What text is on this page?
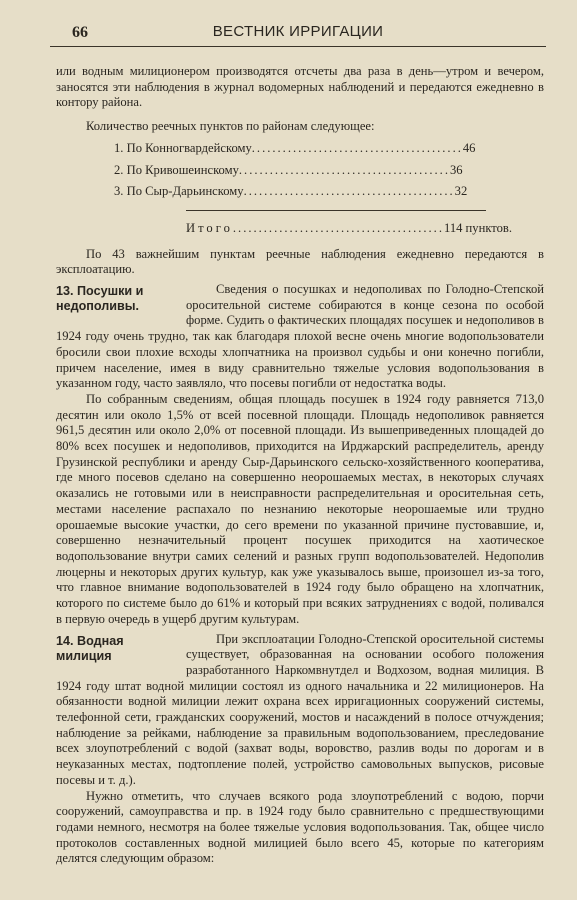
66	ВЕСТНИК ИРРИГАЦИИ

или водным милиционером производятся отсчеты два раза в день—утром и вечером, заносятся эти наблюдения в журнал водомерных наблюдений и передаются ежедневно в контору района.

Количество реечных пунктов по районам следующее:

1. По Конногвардейскому ......................................... 46
2. По Кривошеинскому ......................................... 36
3. По Сыр-Дарьинскому ......................................... 32
Итого ......................................... 114 пунктов.

По 43 важнейшим пунктам реечные наблюдения ежедневно передаются в эксплоатацию.

13. Посушки и недополивы.

Сведения о посушках и недополивах по Голодно-Степской оросительной системе собираются в конце сезона по особой форме. Судить о фактических площадях посушек и недополивов в 1924 году очень трудно, так как благодаря плохой весне очень многие водопользователи бросили свои плохие всходы хлопчатника на произвол судьбы и они конечно погибли, причем население, имея в виду сравнительно тяжелые условия водопользования в указанном году, часто заявляло, что посевы погибли от недостатка воды.

По собранным сведениям, общая площадь посушек в 1924 году равняется 713,0 десятин или около 1,5% от всей посевной площади. Площадь недополивок равняется 961,5 десятин или около 2,0% от посевной площади. Из вышеприведенных площадей до 80% всех посушек и недополивов, приходится на Ирджарский распределитель, аренду Грузинской республики и аренду Сыр-Дарьинского сельско-хозяйственного кооператива, где много посевов сделано на совершенно неорошаемых местах, в некоторых случаях оказались не готовыми или в неисправности распределительная и оросительная сеть, местами население распахало по незнанию некоторые неорошаемые или трудно орошаемые высокие участки, до сего времени по указанной причине пустовавшие, и, совершенно незначительный процент посушек приходится на хаотическое водопользование внутри самих селений и разных групп водопользователей. Недополив люцерны и некоторых других культур, как уже указывалось выше, произошел из-за того, что главное внимание водопользователей в 1924 году было обращено на хлопчатник, которого по системе было до 61% и который при всяких затруднениях с водой, поливался в первую очередь в ущерб другим культурам.

14. Водная милиция

При эксплоатации Голодно-Степской оросительной системы существует, образованная на основании особого положения разработанного Наркомвнутдел и Водхозом, водная милиция. В 1924 году штат водной милиции состоял из одного начальника и 22 милиционеров. На обязанности водной милиции лежит охрана всех ирригационных сооружений системы, телефонной сети, гражданских сооружений, мостов и насаждений в полосе отчуждения; наблюдение за рейками, наблюдение за правильным водопользованием, преследование всех злоупотреблений с водой (захват воды, воровство, разлив воды по дорогам и в неуказанных местах, подтопление полей, устройство самовольных выпусков, рисовые посевы и т. д.).

Нужно отметить, что случаев всякого рода злоупотреблений с водою, порчи сооружений, самоуправства и пр. в 1924 году было сравнительно с предшествующими годами немного, несмотря на более тяжелые условия водопользования. Так, общее число протоколов составленных водной милицией было всего 45, которые по категориям делятся следующим образом:
